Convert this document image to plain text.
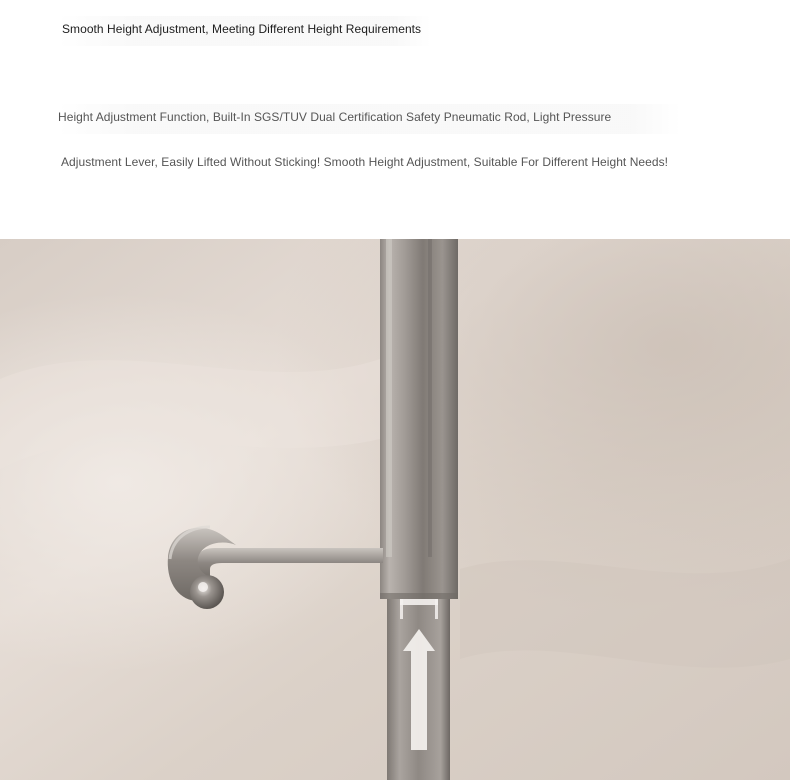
Smooth Height Adjustment, Meeting Different Height Requirements
Height Adjustment Function, Built-In SGS/TUV Dual Certification Safety Pneumatic Rod, Light Pressure
Adjustment Lever, Easily Lifted Without Sticking! Smooth Height Adjustment, Suitable For Different Height Needs!
